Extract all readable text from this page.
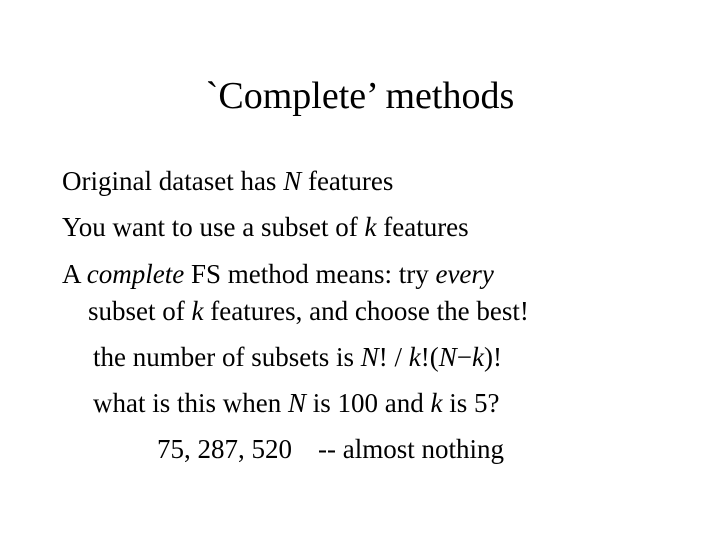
`Complete’ methods
Original dataset has N features
You want to use a subset of k features
A complete FS method means: try every
subset of k features, and choose the best!
the number of subsets is N! / k!(N−k)!
what is this when N is 100 and k is 5?
75, 287, 520 -- almost nothing
